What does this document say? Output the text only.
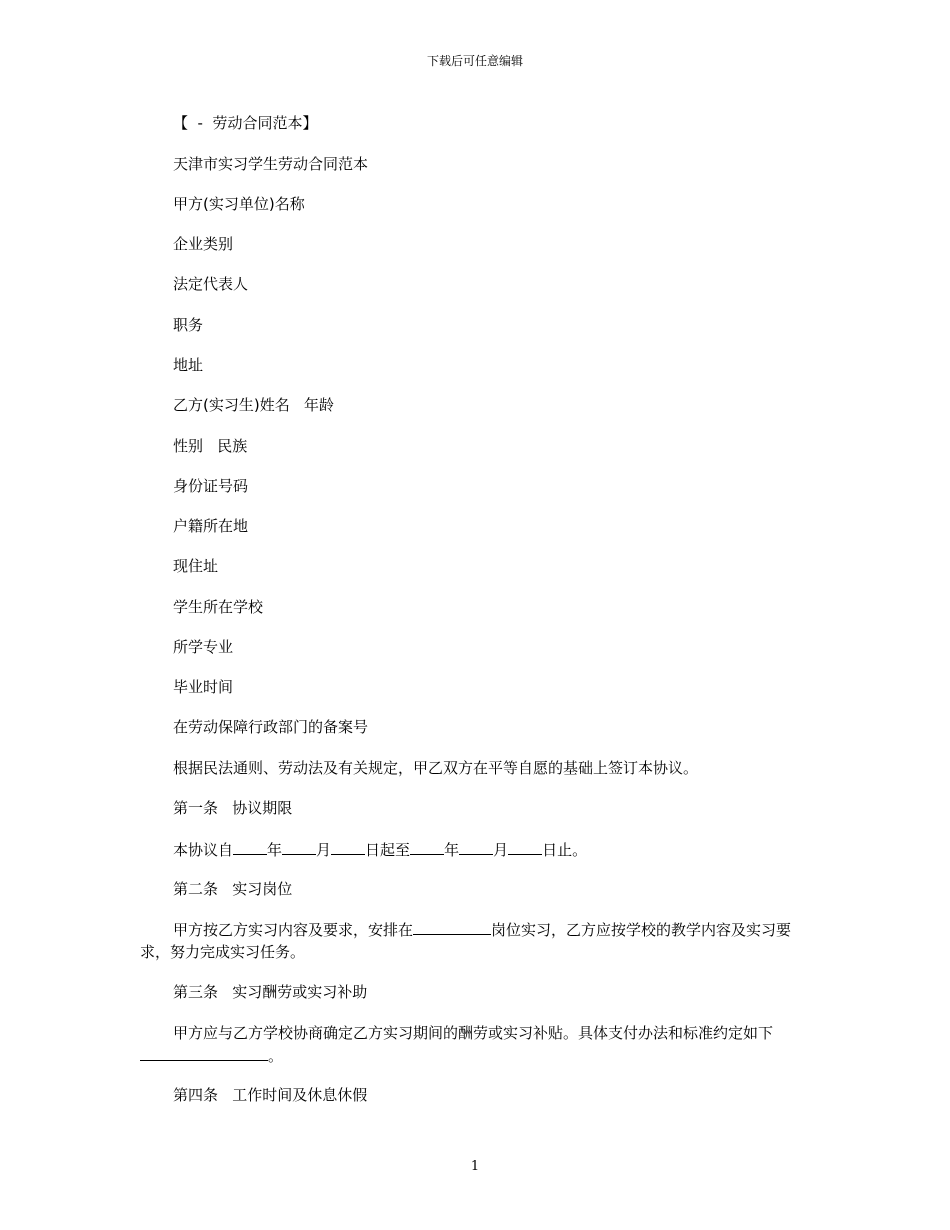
下载后可任意编辑
【  -  劳动合同范本】
天津市实习学生劳动合同范本
甲方(实习单位)名称
企业类别
法定代表人
职务
地址
乙方(实习生)姓名   年龄
性别   民族
身份证号码
户籍所在地
现住址
学生所在学校
所学专业
毕业时间
在劳动保障行政部门的备案号
根据民法通则、劳动法及有关规定，甲乙双方在平等自愿的基础上签订本协议。
第一条   协议期限
本协议自 年 月 日起至 年 月 日止。
第二条   实习岗位
甲方按乙方实习内容及要求，安排在	岗位实习，乙方应按学校的教学内容及实习要求，努力完成实习任务。
第三条   实习酬劳或实习补助
甲方应与乙方学校协商确定乙方实习期间的酬劳或实习补贴。具体支付办法和标准约定如下。
第四条   工作时间及休息休假
1
